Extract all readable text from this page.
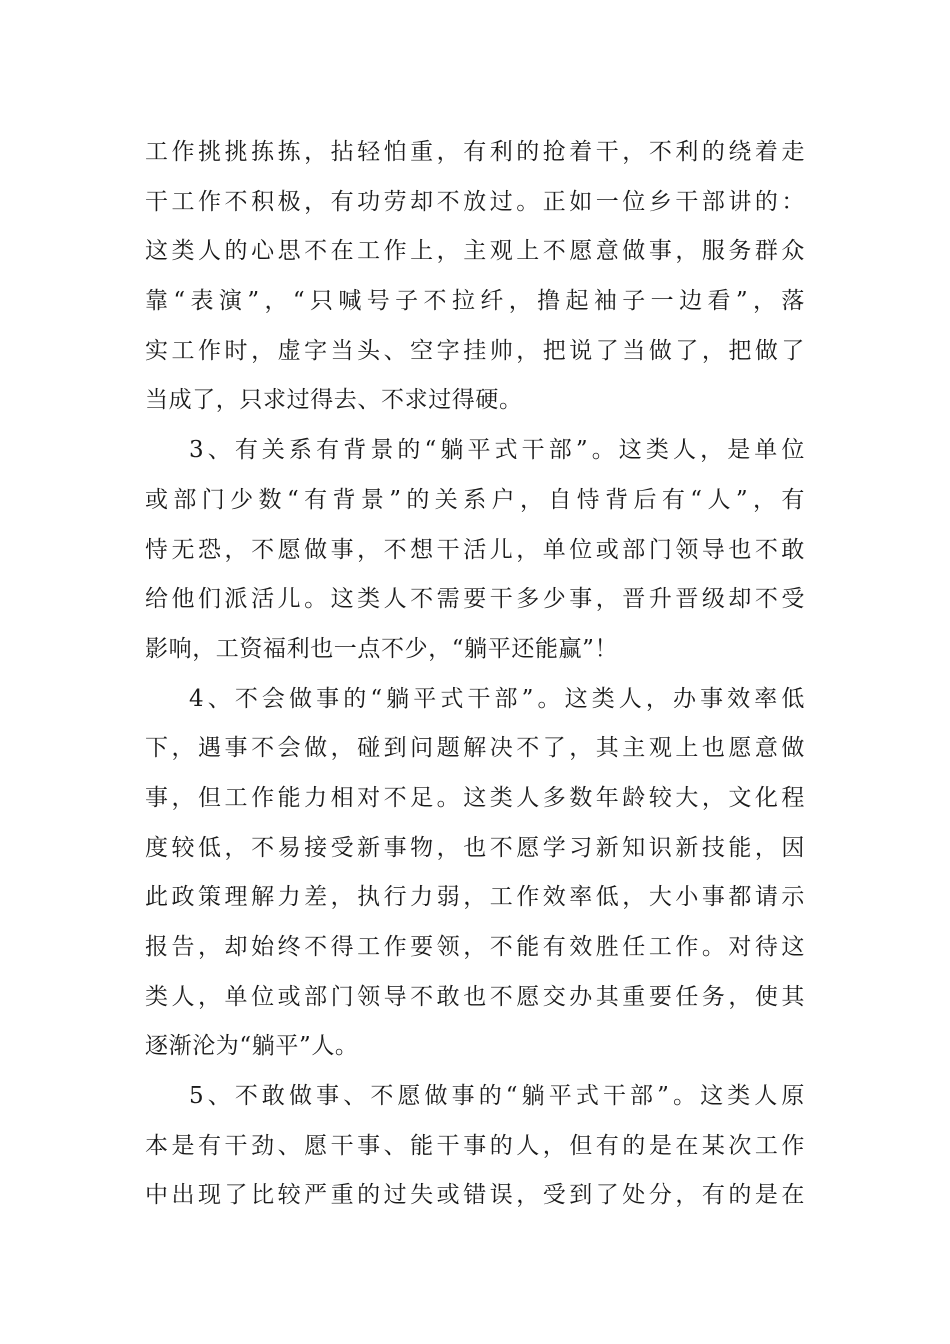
工作挑挑拣拣，拈轻怕重，有利的抢着干，不利的绕着走
干工作不积极，有功劳却不放过。正如一位乡干部讲的：
这类人的心思不在工作上，主观上不愿意做事，服务群众
靠“表演”，“只喊号子不拉纤，撸起袖子一边看”，落
实工作时，虚字当头、空字挂帅，把说了当做了，把做了
当成了，只求过得去、不求过得硬。
3、有关系有背景的“躺平式干部”。这类人，是单位
或部门少数“有背景”的关系户，自恃背后有“人”，有
恃无恐，不愿做事，不想干活儿，单位或部门领导也不敢
给他们派活儿。这类人不需要干多少事，晋升晋级却不受
影响，工资福利也一点不少，“躺平还能赢”！
4、不会做事的“躺平式干部”。这类人，办事效率低
下，遇事不会做，碰到问题解决不了，其主观上也愿意做
事，但工作能力相对不足。这类人多数年龄较大，文化程
度较低，不易接受新事物，也不愿学习新知识新技能，因
此政策理解力差，执行力弱，工作效率低，大小事都请示
报告，却始终不得工作要领，不能有效胜任工作。对待这
类人，单位或部门领导不敢也不愿交办其重要任务，使其
逐渐沦为“躺平”人。
5、不敢做事、不愿做事的“躺平式干部”。这类人原
本是有干劲、愿干事、能干事的人，但有的是在某次工作
中出现了比较严重的过失或错误，受到了处分，有的是在
